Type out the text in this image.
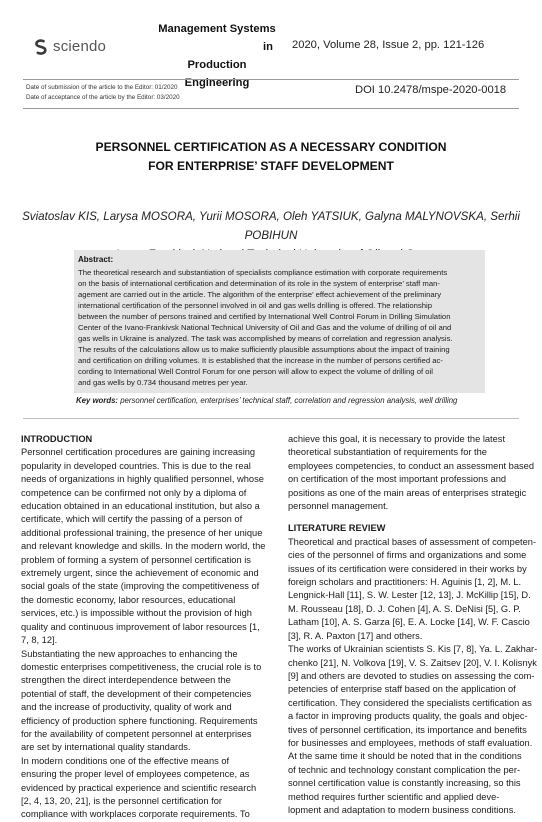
sciendo
Management Systems
in
Production Engineering
2020, Volume 28, Issue 2, pp. 121-126
Date of submission of the article to the Editor: 01/2020
Date of acceptance of the article by the Editor: 03/2020
DOI 10.2478/mspe-2020-0018
PERSONNEL CERTIFICATION AS A NECESSARY CONDITION
FOR ENTERPRISE’ STAFF DEVELOPMENT
Sviatoslav KIS, Larysa MOSORA, Yurii MOSORA, Oleh YATSIUK, Galyna MALYNOVSKA, Serhii POBIHUN
Abstract:
The theoretical research and substantiation of specialists compliance estimation with corporate requirements
on the basis of international certification and determination of its role in the system of enterprise’ staff man-
agement are carried out in the article. The algorithm of the enterprise’ effect achievement of the preliminary
international certification of the personnel involved in oil and gas wells drilling is offered. The relationship
between the number of persons trained and certified by International Well Control Forum in Drilling Simulation
Center of the Ivano-Frankivsk National Technical University of Oil and Gas and the volume of drilling of oil and
gas wells in Ukraine is analyzed. The task was accomplished by means of correlation and regression analysis.
The results of the calculations allow us to make sufficiently plausible assumptions about the impact of training
and certification on drilling volumes. It is established that the increase in the number of persons certified ac-
cording to International Well Control Forum for one person will allow to expect the volume of drilling of oil
and gas wells by 0.734 thousand metres per year.
Key words: personnel certification, enterprises’ technical staff, correlation and regression analysis, well drilling
INTRODUCTION
Personnel certification procedures are gaining increasing
popularity in developed countries. This is due to the real
needs of organizations in highly qualified personnel, whose
competence can be confirmed not only by a diploma of
education obtained in an educational institution, but also a
certificate, which will certify the passing of a person of
additional professional training, the presence of her unique
and relevant knowledge and skills. In the modern world, the
problem of forming a system of personnel certification is
extremely urgent, since the achievement of economic and
social goals of the state (improving the competitiveness of
the domestic economy, labor resources, educational
services, etc.) is impossible without the provision of high
quality and continuous improvement of labor resources [1,
7, 8, 12].
Substantiating the new approaches to enhancing the
domestic enterprises competitiveness, the crucial role is to
strengthen the direct interdependence between the
potential of staff, the development of their competencies
and the increase of productivity, quality of work and
efficiency of production sphere functioning. Requirements
for the availability of competent personnel at enterprises
are set by international quality standards.
In modern conditions one of the effective means of
ensuring the proper level of employees competence, as
evidenced by practical experience and scientific research
[2, 4, 13, 20, 21], is the personnel certification for
compliance with workplaces corporate requirements. To
achieve this goal, it is necessary to provide the latest
theoretical substantiation of requirements for the
employees competencies, to conduct an assessment based
on certification of the most important professions and
positions as one of the main areas of enterprises strategic
personnel management.
LITERATURE REVIEW
Theoretical and practical bases of assessment of competen-
cies of the personnel of firms and organizations and some
issues of its certification were considered in their works by
foreign scholars and practitioners: H. Aguinis [1, 2], M. L.
Lengnick-Hall [11], S. W. Lester [12, 13], J. McKillip [15], D.
M. Rousseau [18], D. J. Cohen [4], A. S. DeNisi [5], G. P.
Latham [10], A. S. Garza [6], E. A. Locke [14], W. F. Cascio
[3], R. A. Paxton [17] and others.
The works of Ukrainian scientists S. Kis [7, 8], Ya. L. Zakhar-
chenko [21], N. Volkova [19], V. S. Zaitsev [20], V. I. Kolisnyk
[9] and others are devoted to studies on assessing the com-
petencies of enterprise staff based on the application of
certification. They considered the specialists certification as
a factor in improving products quality, the goals and objec-
tives of personnel certification, its importance and benefits
for businesses and employees, methods of staff evaluation.
At the same time it should be noted that in the conditions
of technic and technology constant complication the per-
sonnel certification value is constantly increasing, so this
method requires further scientific and applied deve-
lopment and adaptation to modern business conditions.
